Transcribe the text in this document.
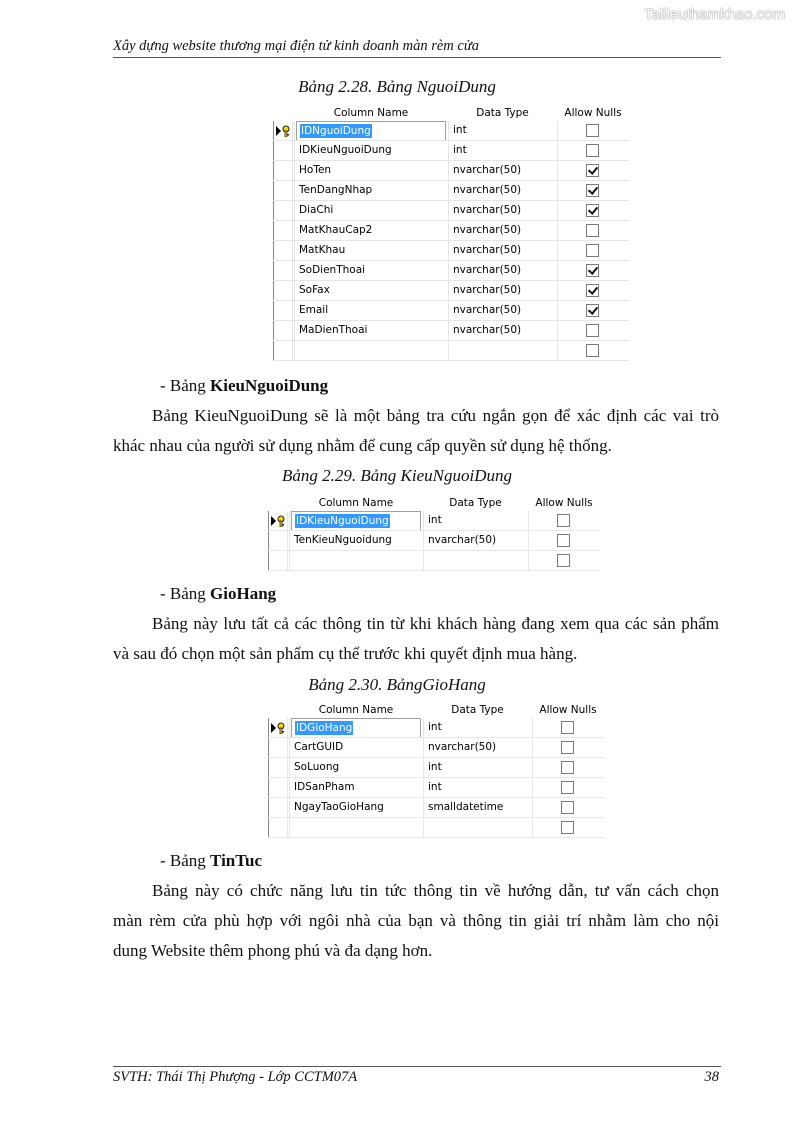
Tailieuthamkhao.com
Xây dựng website thương mại điện tử kinh doanh màn rèm cửa
Bảng 2.28. Bảng NguoiDung
Column Name	Data Type	Allow Nulls
IDNguoiDung	int
IDKieuNguoiDung	int
HoTen	nvarchar(50)
TenDangNhap	nvarchar(50)
DiaChi	nvarchar(50)
MatKhauCap2	nvarchar(50)
MatKhau	nvarchar(50)
SoDienThoai	nvarchar(50)
SoFax	nvarchar(50)
Email	nvarchar(50)
MaDienThoai	nvarchar(50)
- Bảng KieuNguoiDung
Bảng KieuNguoiDung sẽ là một bảng tra cứu ngắn gọn để xác định các vai trò
khác nhau của người sử dụng nhằm để cung cấp quyền sử dụng hệ thống.
Bảng 2.29. Bảng KieuNguoiDung
Column Name	Data Type	Allow Nulls
IDKieuNguoiDung	int
TenKieuNguoidung	nvarchar(50)
- Bảng GioHang
Bảng này lưu tất cả các thông tin từ khi khách hàng đang xem qua các sản phẩm
và sau đó chọn một sản phẩm cụ thể trước khi quyết định mua hàng.
Bảng 2.30. BảngGioHang
Column Name	Data Type	Allow Nulls
IDGioHang	int
CartGUID	nvarchar(50)
SoLuong	int
IDSanPham	int
NgayTaoGioHang	smalldatetime
- Bảng TinTuc
Bảng này có chức năng lưu tin tức thông tin về hướng dẫn, tư vấn cách chọn
màn rèm cửa phù hợp với ngôi nhà của bạn và thông tin giải trí nhằm làm cho nội
dung Website thêm phong phú và đa dạng hơn.
SVTH: Thái Thị Phượng - Lớp CCTM07A	38
